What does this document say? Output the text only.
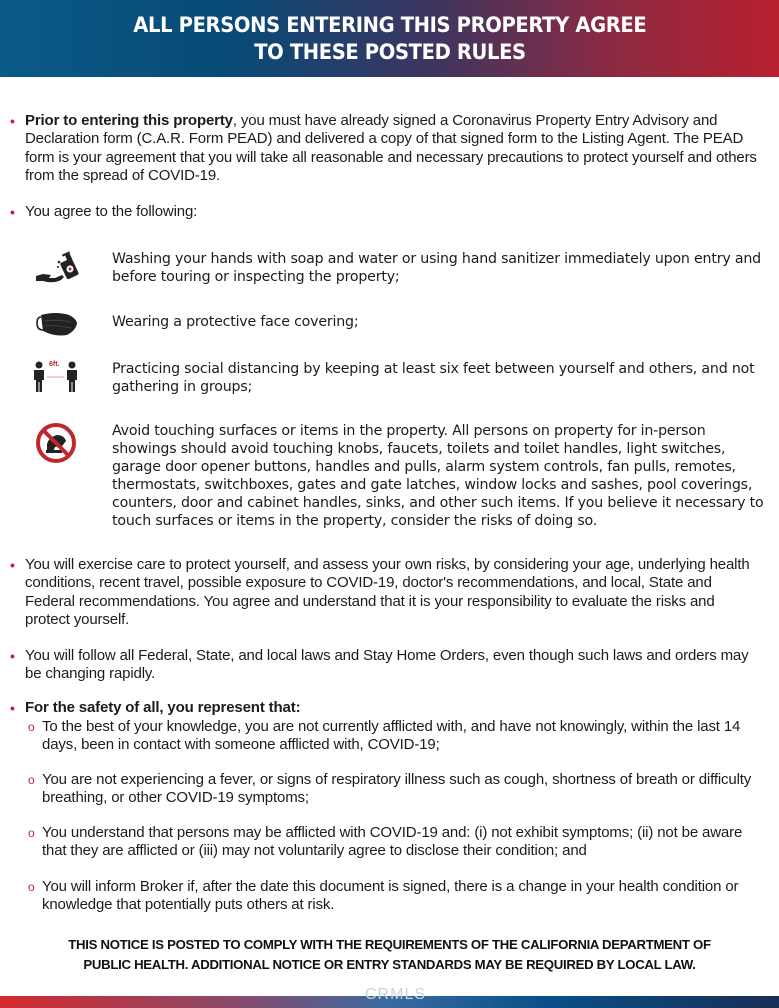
ALL PERSONS ENTERING THIS PROPERTY AGREE
TO THESE POSTED RULES
• Prior to entering this property, you must have already signed a Coronavirus Property Entry Advisory and Declaration form (C.A.R. Form PEAD) and delivered a copy of that signed form to the Listing Agent. The PEAD form is your agreement that you will take all reasonable and necessary precautions to protect yourself and others from the spread of COVID-19.
• You agree to the following:
Washing your hands with soap and water or using hand sanitizer immediately upon entry and before touring or inspecting the property;
Wearing a protective face covering;
6ft.	Practicing social distancing by keeping at least six feet between yourself and others, and not gathering in groups;
Avoid touching surfaces or items in the property. All persons on property for in-person showings should avoid touching knobs, faucets, toilets and toilet handles, light switches, garage door opener buttons, handles and pulls, alarm system controls, fan pulls, remotes, thermostats, switchboxes, gates and gate latches, window locks and sashes, pool coverings, counters, door and cabinet handles, sinks, and other such items. If you believe it necessary to touch surfaces or items in the property, consider the risks of doing so.
• You will exercise care to protect yourself, and assess your own risks, by considering your age, underlying health conditions, recent travel, possible exposure to COVID-19, doctor's recommendations, and local, State and Federal recommendations. You agree and understand that it is your responsibility to evaluate the risks and protect yourself.
• You will follow all Federal, State, and local laws and Stay Home Orders, even though such laws and orders may be changing rapidly.
• For the safety of all, you represent that:
o To the best of your knowledge, you are not currently afflicted with, and have not knowingly, within the last 14 days, been in contact with someone afflicted with, COVID-19;
o You are not experiencing a fever, or signs of respiratory illness such as cough, shortness of breath or difficulty breathing, or other COVID-19 symptoms;
o You understand that persons may be afflicted with COVID-19 and: (i) not exhibit symptoms; (ii) not be aware that they are afflicted or (iii) may not voluntarily agree to disclose their condition; and
o You will inform Broker if, after the date this document is signed, there is a change in your health condition or knowledge that potentially puts others at risk.
THIS NOTICE IS POSTED TO COMPLY WITH THE REQUIREMENTS OF THE CALIFORNIA DEPARTMENT OF
PUBLIC HEALTH. ADDITIONAL NOTICE OR ENTRY STANDARDS MAY BE REQUIRED BY LOCAL LAW.
CRMLS
